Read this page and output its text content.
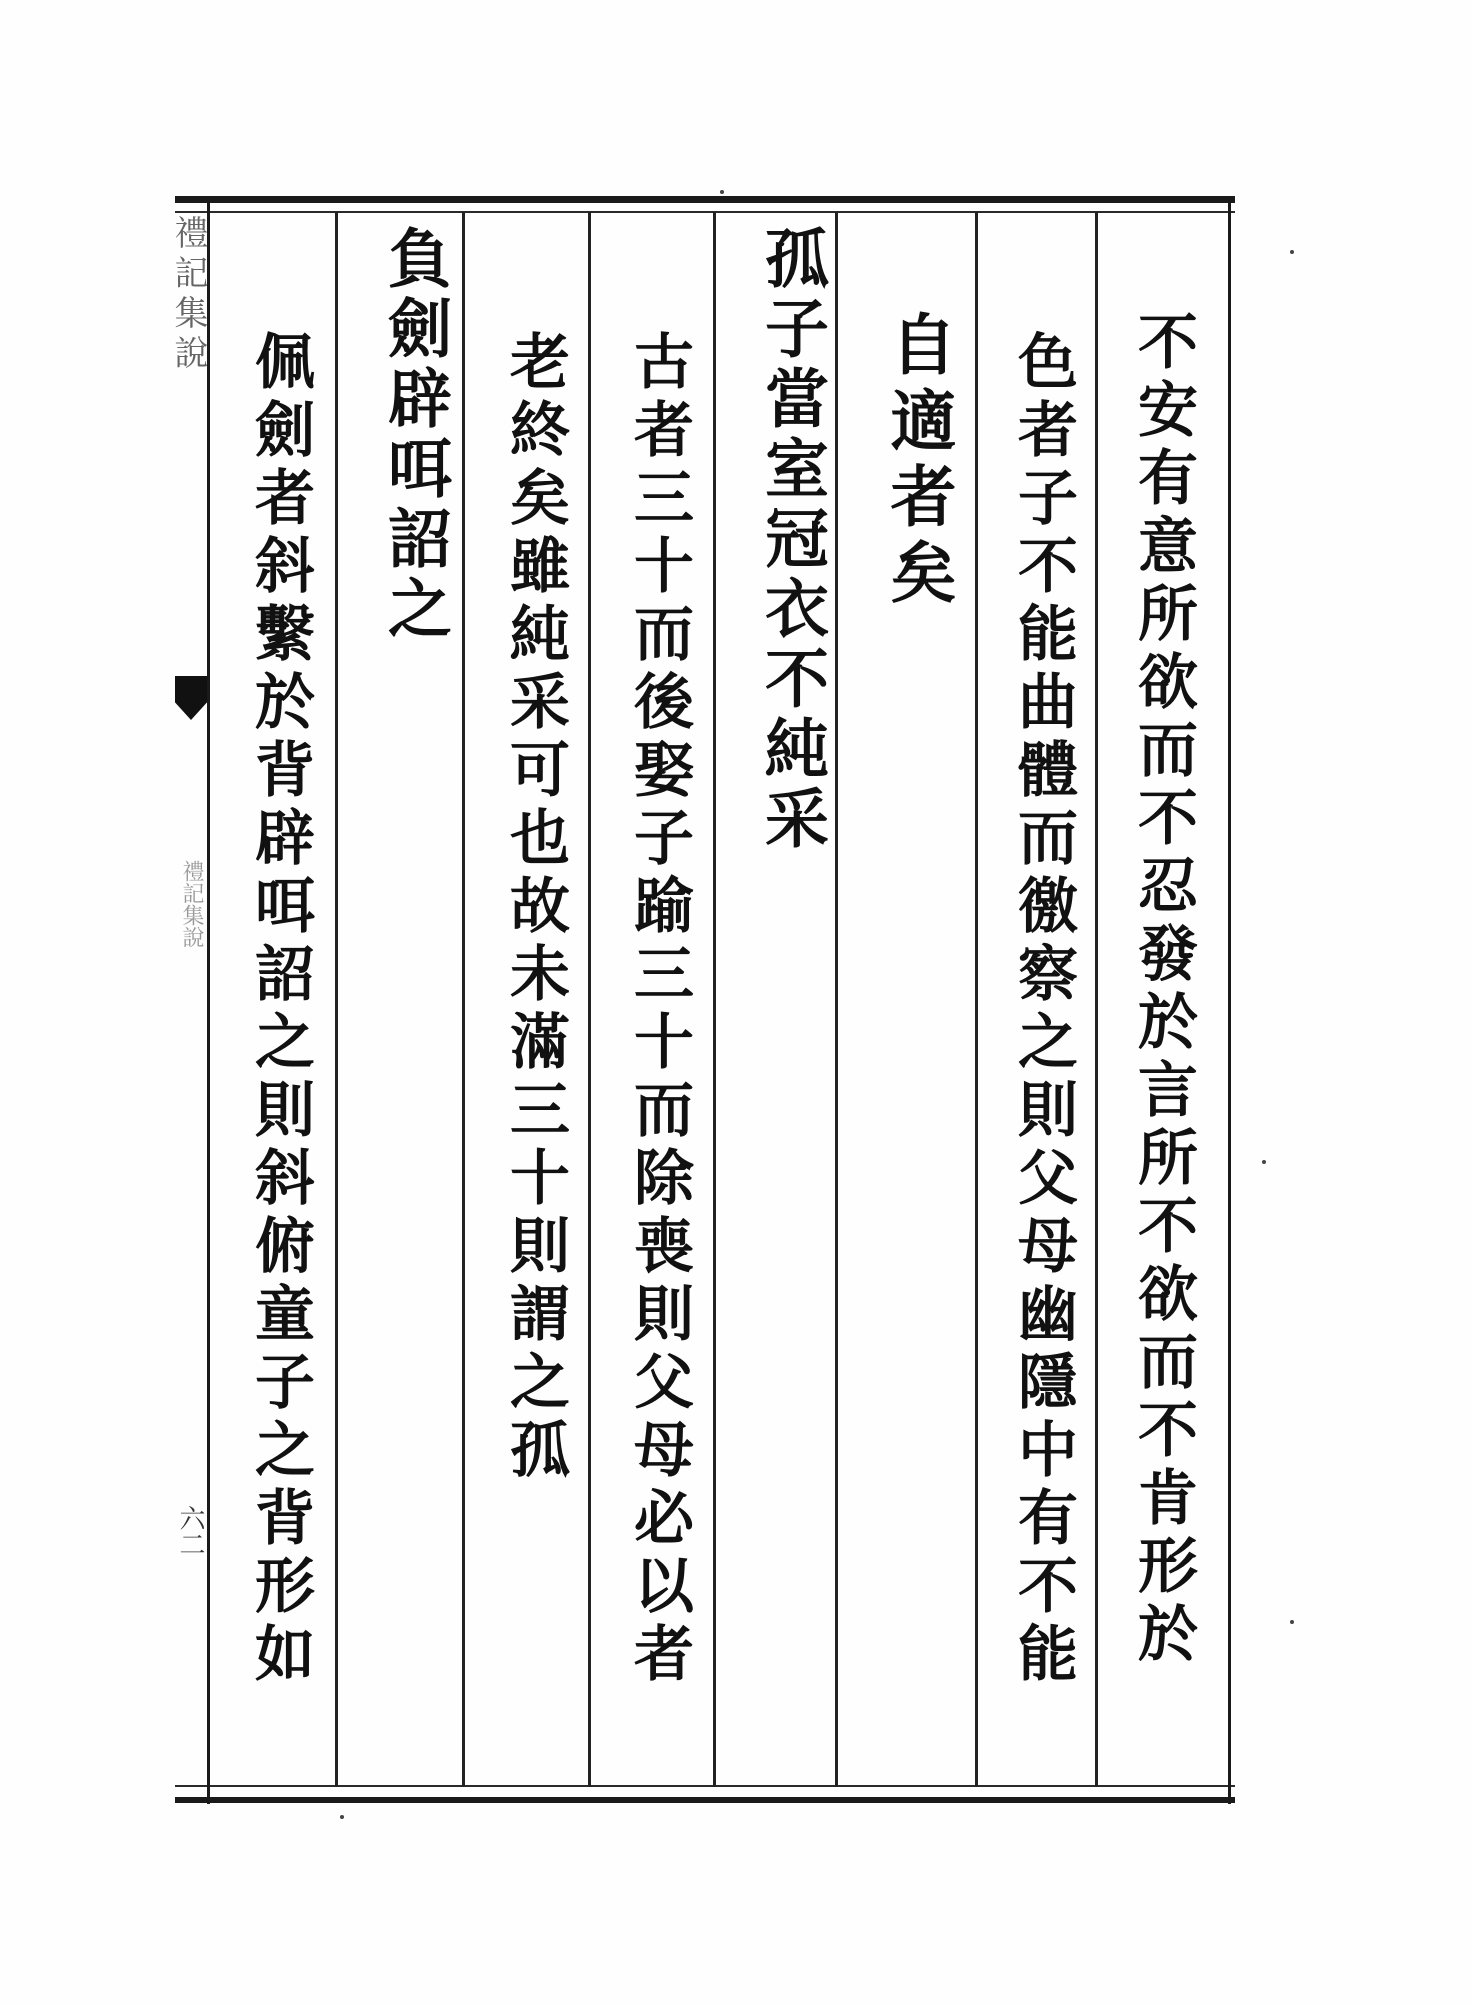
禮記集說
禮記集說
六二	不安有意所欲而不忍發於言所不欲而不肯形於
色者子不能曲體而徼察之則父母幽隱中有不能
自適者矣
孤子當室冠衣不純采
古者三十而後娶子踰三十而除喪則父母必以者
老終矣雖純采可也故未滿三十則謂之孤
負劍辟咡詔之
佩劍者斜繫於背辟咡詔之則斜俯童子之背形如
